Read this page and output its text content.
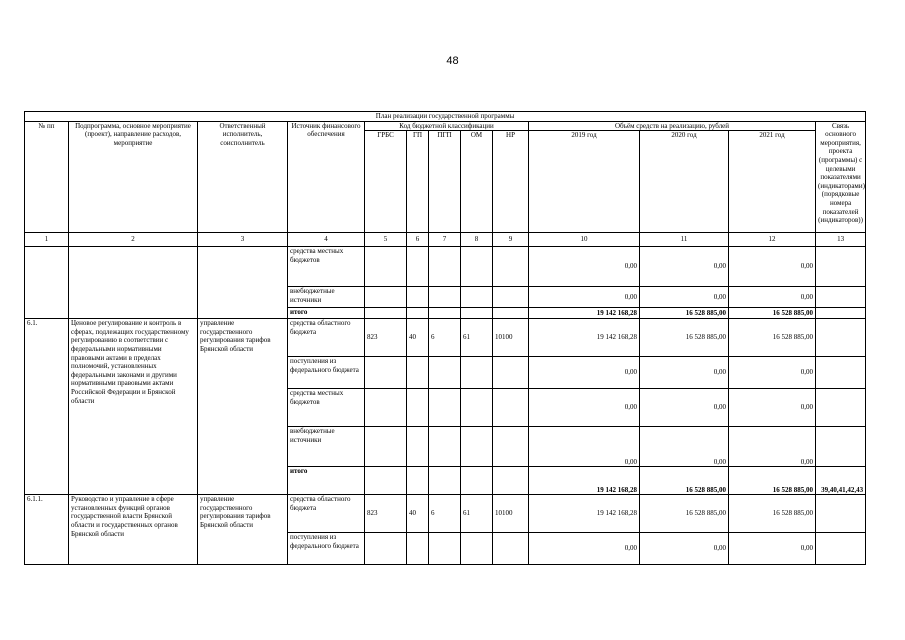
48
План реализации государственной программы												
№ пп	Подпрограмма, основное мероприятие (проект), направление расходов, мероприятие	Ответственный исполнитель, соисполнитель	Источник финансового обеспечения	Код бюджетной классификации					Объём средств на реализацию, рублей			Связь основного мероприятия, проекта (программы) с целевыми показателями (индикаторами) (порядковые номера показателей (индикаторов))
				ГРБС	ГП	ПГП	ОМ	НР	2019 год	2020 год	2021 год	
1	2	3	4	5	6	7	8	9	10	11	12	13
			средства местных бюджетов						0,00	0,00	0,00	
			внебюджетные источники						0,00	0,00	0,00	
			итого						19 142 168,28	16 528 885,00	16 528 885,00	
6.1.	Ценовое регулирование и контроль в сферах, подлежащих государственному регулированию в соответствии с федеральными нормативными правовыми актами в пределах полномочий, установленных федеральными законами и другими нормативными правовыми актами Российской Федерации и Брянской области	управление государственного регулирования тарифов Брянской области	средства областного бюджета	823	40	6	61	10100	19 142 168,28	16 528 885,00	16 528 885,00	
			поступления из федерального бюджета						0,00	0,00	0,00	
			средства местных бюджетов						0,00	0,00	0,00	
			внебюджетные источники						0,00	0,00	0,00	
			итого						19 142 168,28	16 528 885,00	16 528 885,00	39,40,41,42,43
6.1.1.	Руководство и управление в сфере установленных функций органов государственной власти Брянской области и государственных органов Брянской области	управление государственного регулирования тарифов Брянской области	средства областного бюджета	823	40	6	61	10100	19 142 168,28	16 528 885,00	16 528 885,00	
			поступления из федерального бюджета						0,00	0,00	0,00	
